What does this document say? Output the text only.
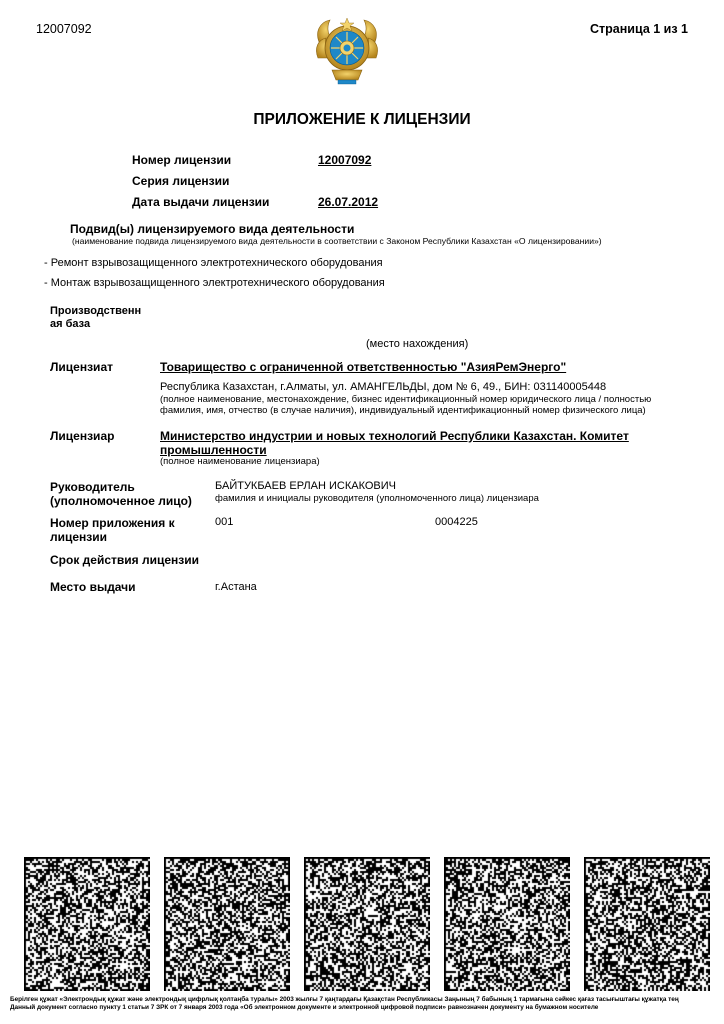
12007092	Страница 1 из 1
ПРИЛОЖЕНИЕ К ЛИЦЕНЗИИ
Номер лицензии	12007092
Серия лицензии
Дата выдачи лицензии	26.07.2012
Подвид(ы) лицензируемого вида деятельности
(наименование подвида лицензируемого вида деятельности в соответствии с Законом Республики Казахстан «О лицензировании»)
- Ремонт взрывозащищенного электротехнического оборудования
- Монтаж взрывозащищенного электротехнического оборудования
Производственн
ая база
(место нахождения)
Лицензиат	Товарищество с ограниченной ответственностью "АзияРемЭнерго"
Республика Казахстан, г.Алматы, ул. АМАНГЕЛЬДЫ, дом № 6, 49., БИН: 031140005448
(полное наименование, местонахождение, бизнес идентификационный номер юридического лица / полностью
фамилия, имя, отчество (в случае наличия), индивидуальный идентификационный номер физического лица)
Лицензиар	Министерство индустрии и новых технологий Республики Казахстан. Комитет
промышленности
(полное наименование лицензиара)
Руководитель
(уполномоченное лицо)
БАЙТУКБАЕВ ЕРЛАН ИСКАКОВИЧ
фамилия и инициалы руководителя (уполномоченного лица) лицензиара
Номер приложения к
лицензии
001	0004225
Срок действия лицензии
Место выдачи	г.Астана
Берілген құжат «Электрондық құжат және электрондық цифрлық қолтаңба туралы» 2003 жылғы 7 қаңтардағы Қазақстан Республикасы Заңының 7 бабының 1 тармағына сәйкес қағаз тасығыштағы құжатқа тең
Данный документ согласно пункту 1 статьи 7 ЗРК от 7 января 2003 года «Об электронном документе и электронной цифровой подписи» равнозначен документу на бумажном носителе
